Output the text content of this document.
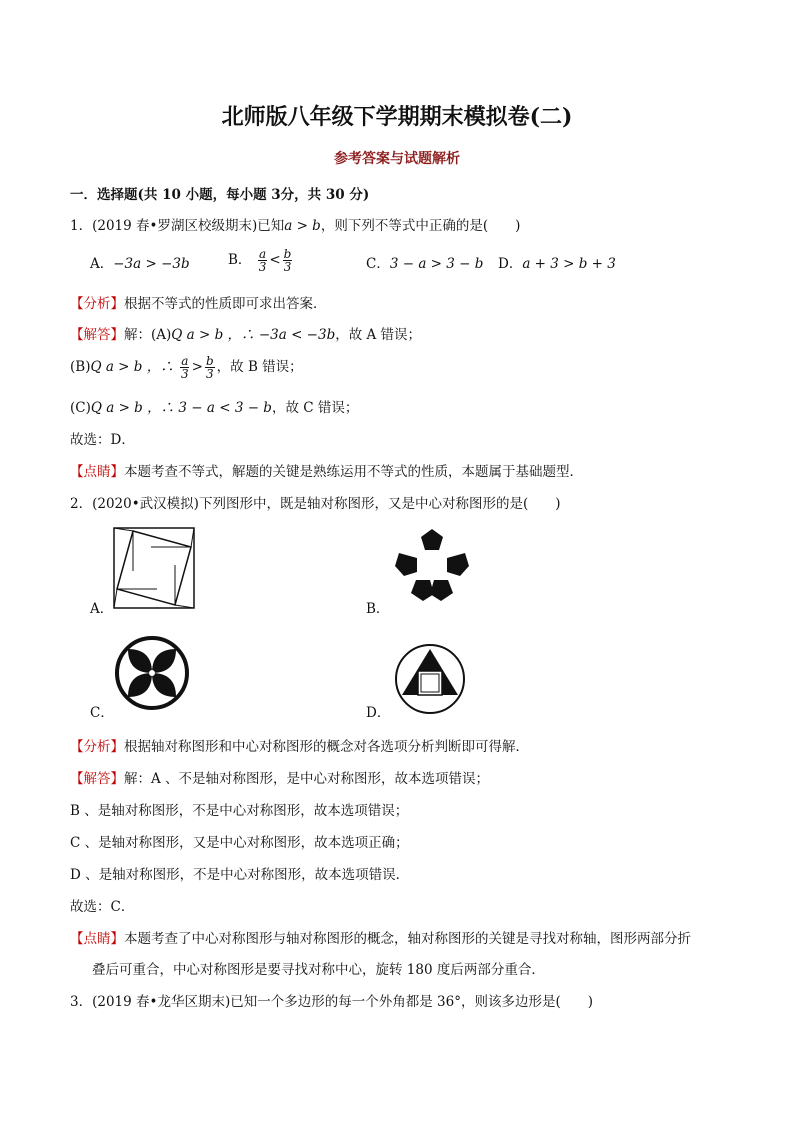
北师版八年级下学期期末模拟卷(二)
参考答案与试题解析
一．选择题(共 10 小题，每小题 3分，共 30 分)
1．(2019 春•罗湖区校级期末)已知a > b，则下列不等式中正确的是(　　)
A．−3a > −3b	B． $\frac{a}{3} < \frac{b}{3}$	C．3 − a > 3 − b D．a + 3 > b + 3
【分析】根据不等式的性质即可求出答案．
【解答】解：(A)Q a > b ，∴ −3a < −3b，故 A 错误；
(B)Q a > b ，∴ $\frac{a}{3} > \frac{b}{3}$ ，故 B 错误；
(C)Q a > b ，∴ 3 − a < 3 − b，故 C 错误；
故选：D．
【点睛】本题考查不等式，解题的关键是熟练运用不等式的性质，本题属于基础题型．
2．(2020•武汉模拟)下列图形中，既是轴对称图形，又是中心对称图形的是(　　)
A．	B．
C．	D．
【分析】根据轴对称图形和中心对称图形的概念对各选项分析判断即可得解．
【解答】解：A 、不是轴对称图形，是中心对称图形，故本选项错误；
B 、是轴对称图形，不是中心对称图形，故本选项错误；
C 、是轴对称图形，又是中心对称图形，故本选项正确；
D 、是轴对称图形，不是中心对称图形，故本选项错误．
故选：C．
【点睛】本题考查了中心对称图形与轴对称图形的概念，轴对称图形的关键是寻找对称轴，图形两部分折
叠后可重合，中心对称图形是要寻找对称中心，旋转 180 度后两部分重合．
3．(2019 春•龙华区期末)已知一个多边形的每一个外角都是 36°，则该多边形是(　　)
